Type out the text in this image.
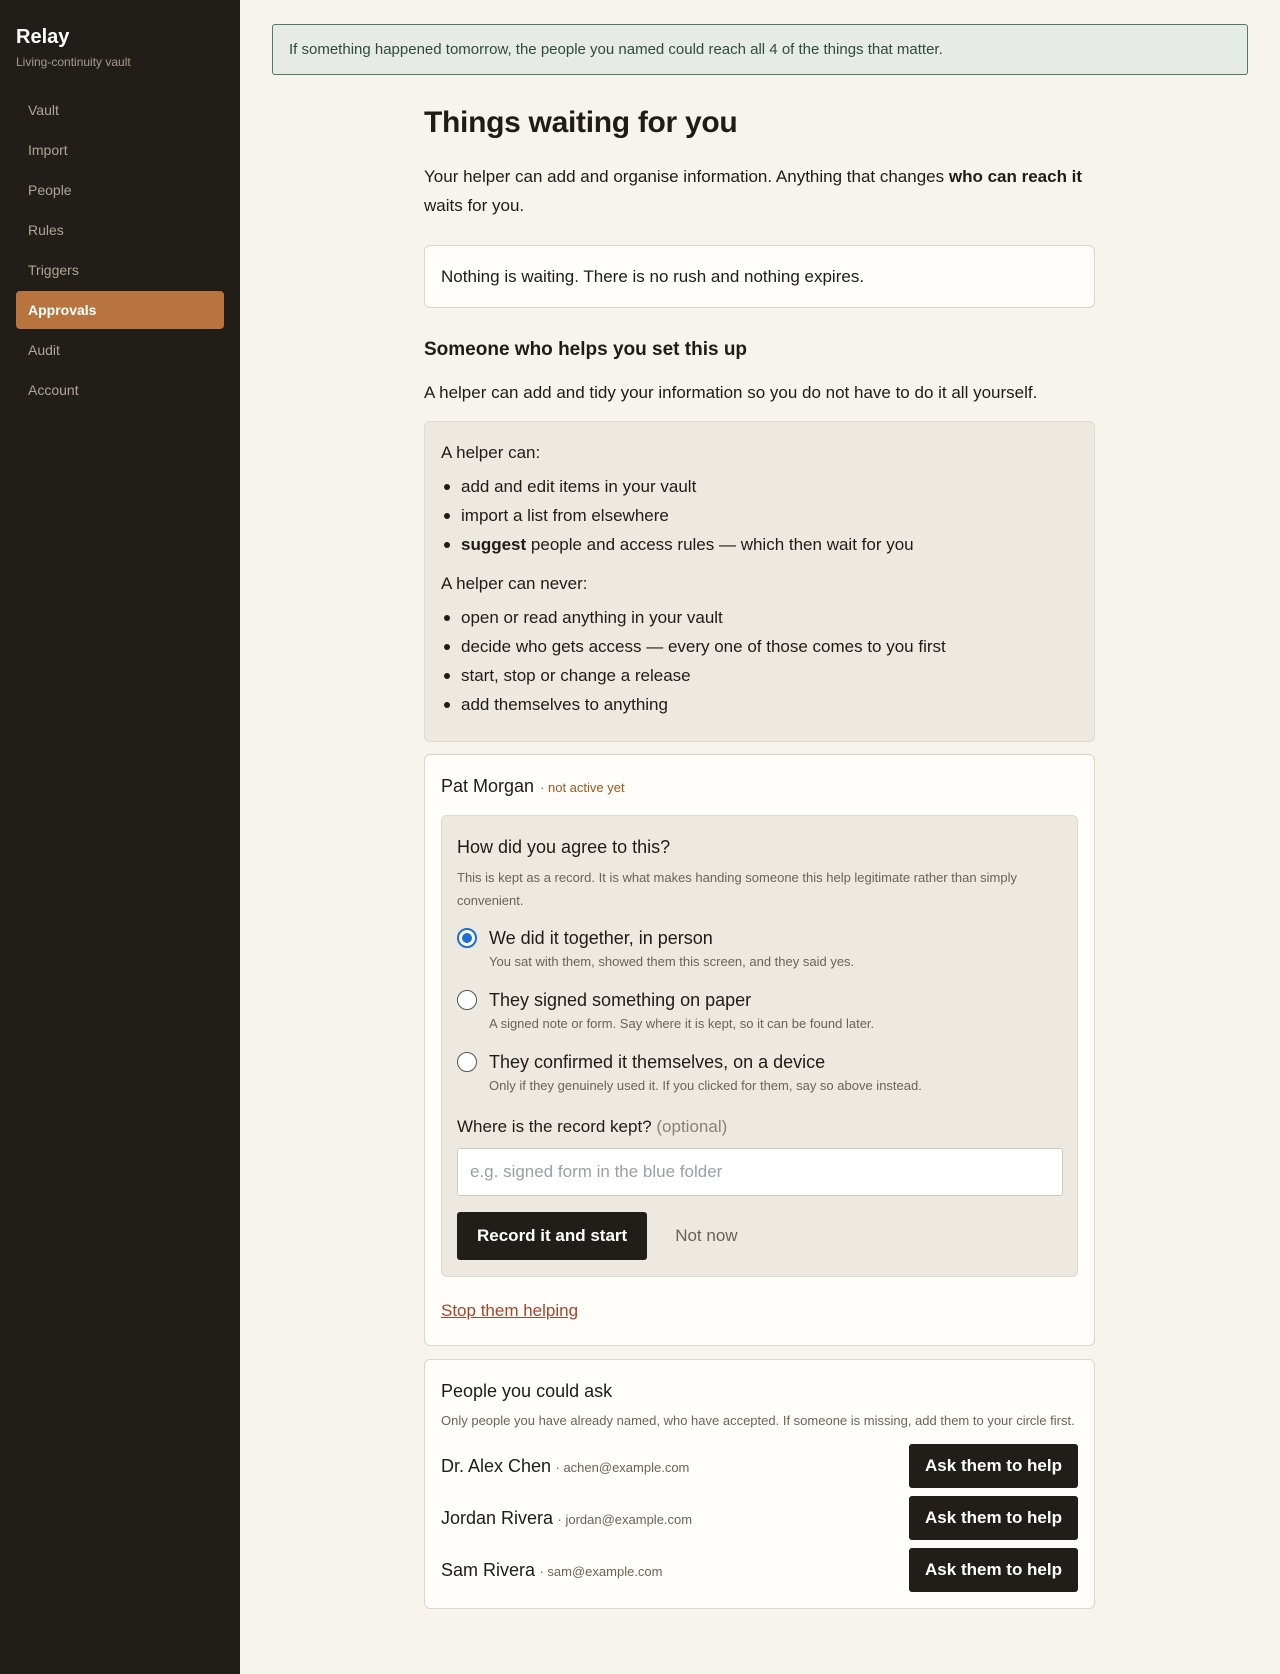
Relay
Living-continuity vault
Vault
Import
People
Rules
Triggers
Approvals
Audit
Account
If something happened tomorrow, the people you named could reach all 4 of the things that matter.
Things waiting for you

Your helper can add and organise information. Anything that changes who can reach it waits for you.

Nothing is waiting. There is no rush and nothing expires.
Someone who helps you set this up

A helper can add and tidy your information so you do not have to do it all yourself.

A helper can:
add and edit items in your vault
import a list from elsewhere
suggest people and access rules — which then wait for you
A helper can never:
open or read anything in your vault
decide who gets access — every one of those comes to you first
start, stop or change a release
add themselves to anything
Pat Morgan · not active yet
How did you agree to this?

This is kept as a record. It is what makes handing someone this help legitimate rather than simply convenient.

We did it together, in person
You sat with them, showed them this screen, and they said yes.
They signed something on paper
A signed note or form. Say where it is kept, so it can be found later.
They confirmed it themselves, on a device
Only if they genuinely used it. If you clicked for them, say so above instead.
Where is the record kept? (optional)
e.g. signed form in the blue folder
Record it and start	Not now
Stop them helping
People you could ask

Only people you have already named, who have accepted. If someone is missing, add them to your circle first.

Dr. Alex Chen · achen@example.com	Ask them to help
Jordan Rivera · jordan@example.com	Ask them to help
Sam Rivera · sam@example.com	Ask them to help
